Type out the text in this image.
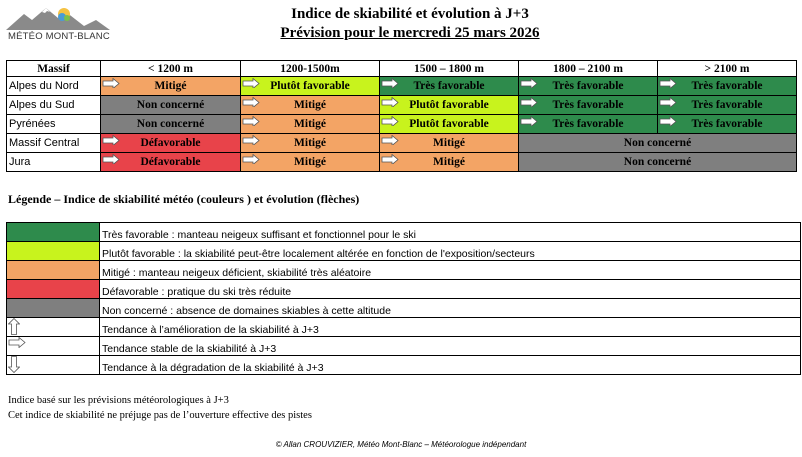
MÉTÉO MONT-BLANC
Indice de skiabilité et évolution à J+3
Prévision pour le mercredi 25 mars 2026
Massif	< 1200 m	1200-1500m	1500 – 1800 m	1800 – 2100 m	> 2100 m
Alpes du Nord	Mitigé	Plutôt favorable	Très favorable	Très favorable	Très favorable
Alpes du Sud	Non concerné	Mitigé	Plutôt favorable	Très favorable	Très favorable
Pyrénées	Non concerné	Mitigé	Plutôt favorable	Très favorable	Très favorable
Massif Central	Défavorable	Mitigé	Mitigé	Non concerné	
Jura	Défavorable	Mitigé	Mitigé	Non concerné	
Légende – Indice de skiabilité météo (couleurs ) et évolution (flèches)
	Très favorable : manteau neigeux suffisant et fonctionnel pour le ski
	Plutôt favorable : la skiabilité peut-être localement altérée en fonction de l'exposition/secteurs
	Mitigé : manteau neigeux déficient, skiabilité très aléatoire
	Défavorable : pratique du ski très réduite
	Non concerné : absence de domaines skiables à cette altitude

	Tendance à l’amélioration de la skiabilité à J+3

	Tendance stable de la skiabilité à J+3

	Tendance à la dégradation de la skiabilité à J+3
Indice basé sur les prévisions météorologiques à J+3
Cet indice de skiabilité ne préjuge pas de l’ouverture effective des pistes
© Allan CROUVIZIER, Météo Mont-Blanc – Météorologue indépendant
